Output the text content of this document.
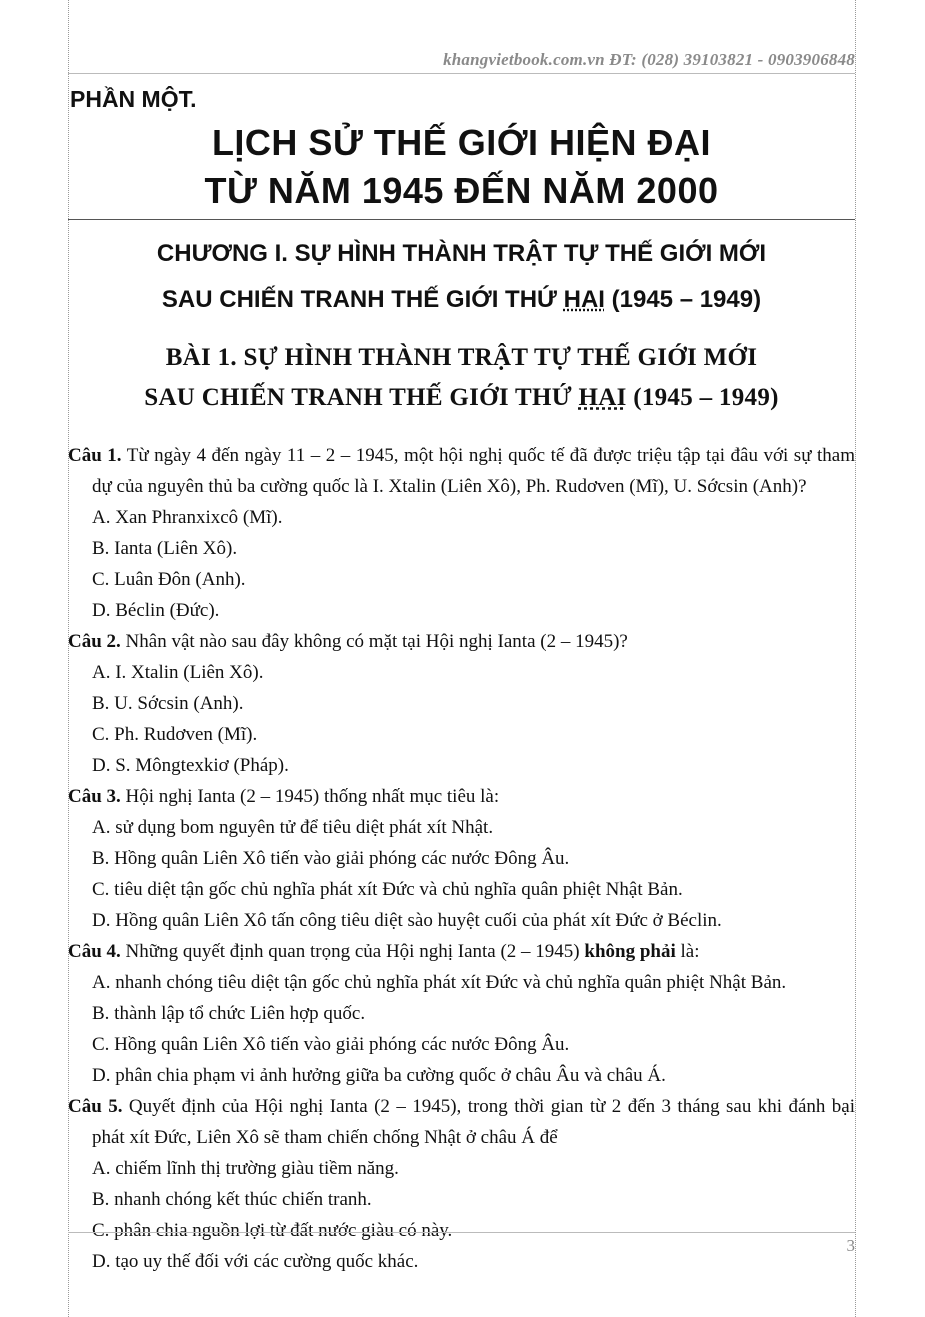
khangvietbook.com.vn ĐT: (028) 39103821 - 0903906848
PHẦN MỘT.
LỊCH SỬ THẾ GIỚI HIỆN ĐẠI
TỪ NĂM 1945 ĐẾN NĂM 2000
CHƯƠNG I. SỰ HÌNH THÀNH TRẬT TỰ THẾ GIỚI MỚI
SAU CHIẾN TRANH THẾ GIỚI THỨ HAI (1945 – 1949)
BÀI 1. SỰ HÌNH THÀNH TRẬT TỰ THẾ GIỚI MỚI
SAU CHIẾN TRANH THẾ GIỚI THỨ HAI (1945 – 1949)

Câu 1. Từ ngày 4 đến ngày 11 – 2 – 1945, một hội nghị quốc tế đã được triệu tập tại đâu với sự tham dự của nguyên thủ ba cường quốc là I. Xtalin (Liên Xô), Ph. Rudơven (Mĩ), U. Sớcsin (Anh)?

A. Xan Phranxixcô (Mĩ).
B. Ianta (Liên Xô).
C. Luân Đôn (Anh).
D. Béclin (Đức).

Câu 2. Nhân vật nào sau đây không có mặt tại Hội nghị Ianta (2 – 1945)?

A. I. Xtalin (Liên Xô).
B. U. Sớcsin (Anh).
C. Ph. Rudơven (Mĩ).
D. S. Môngtexkiơ (Pháp).

Câu 3. Hội nghị Ianta (2 – 1945) thống nhất mục tiêu là:

A. sử dụng bom nguyên tử để tiêu diệt phát xít Nhật.

B. Hồng quân Liên Xô tiến vào giải phóng các nước Đông Âu.

C. tiêu diệt tận gốc chủ nghĩa phát xít Đức và chủ nghĩa quân phiệt Nhật Bản.

D. Hồng quân Liên Xô tấn công tiêu diệt sào huyệt cuối của phát xít Đức ở Béclin.

Câu 4. Những quyết định quan trọng của Hội nghị Ianta (2 – 1945) không phải là:

A. nhanh chóng tiêu diệt tận gốc chủ nghĩa phát xít Đức và chủ nghĩa quân phiệt Nhật Bản.

B. thành lập tổ chức Liên hợp quốc.

C. Hồng quân Liên Xô tiến vào giải phóng các nước Đông Âu.

D. phân chia phạm vi ảnh hưởng giữa ba cường quốc ở châu Âu và châu Á.

Câu 5. Quyết định của Hội nghị Ianta (2 – 1945), trong thời gian từ 2 đến 3 tháng sau khi đánh bại phát xít Đức, Liên Xô sẽ tham chiến chống Nhật ở châu Á để

A. chiếm lĩnh thị trường giàu tiềm năng.

B. nhanh chóng kết thúc chiến tranh.

C. phân chia nguồn lợi từ đất nước giàu có này.

D. tạo uy thế đối với các cường quốc khác.

3
